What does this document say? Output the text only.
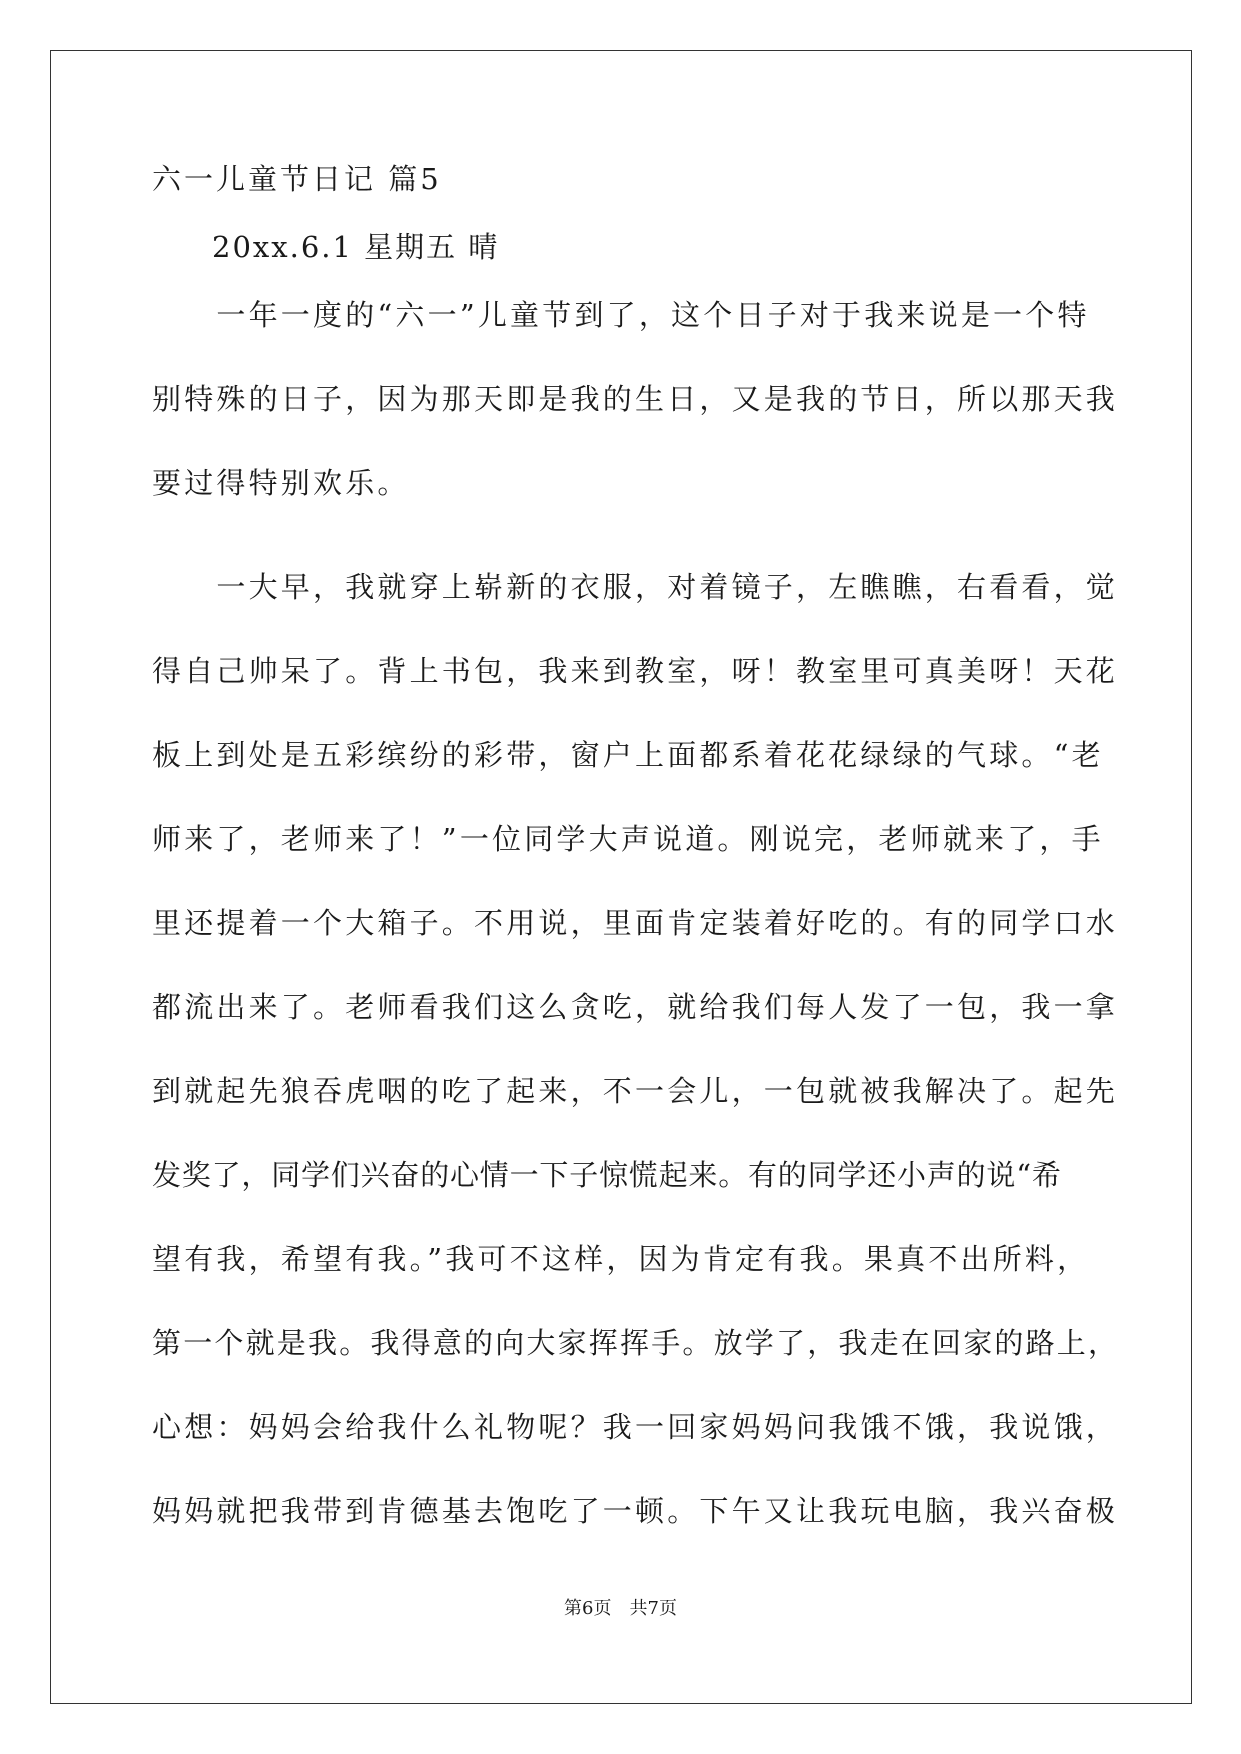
六一儿童节日记 篇5
20xx.6.1 星期五 晴
　　一年一度的“六一”儿童节到了，这个日子对于我来说是一个特
别特殊的日子，因为那天即是我的生日，又是我的节日，所以那天我
要过得特别欢乐。
　　一大早，我就穿上崭新的衣服，对着镜子，左瞧瞧，右看看，觉
得自己帅呆了。背上书包，我来到教室，呀！教室里可真美呀！天花
板上到处是五彩缤纷的彩带，窗户上面都系着花花绿绿的气球。“老
师来了，老师来了！”一位同学大声说道。刚说完，老师就来了，手
里还提着一个大箱子。不用说，里面肯定装着好吃的。有的同学口水
都流出来了。老师看我们这么贪吃，就给我们每人发了一包，我一拿
到就起先狼吞虎咽的吃了起来，不一会儿，一包就被我解决了。起先
发奖了，同学们兴奋的心情一下子惊慌起来。有的同学还小声的说“希
望有我，希望有我。”我可不这样，因为肯定有我。果真不出所料，
第一个就是我。我得意的向大家挥挥手。放学了，我走在回家的路上，
心想：妈妈会给我什么礼物呢？我一回家妈妈问我饿不饿，我说饿，
妈妈就把我带到肯德基去饱吃了一顿。下午又让我玩电脑，我兴奋极
第6页 共7页
